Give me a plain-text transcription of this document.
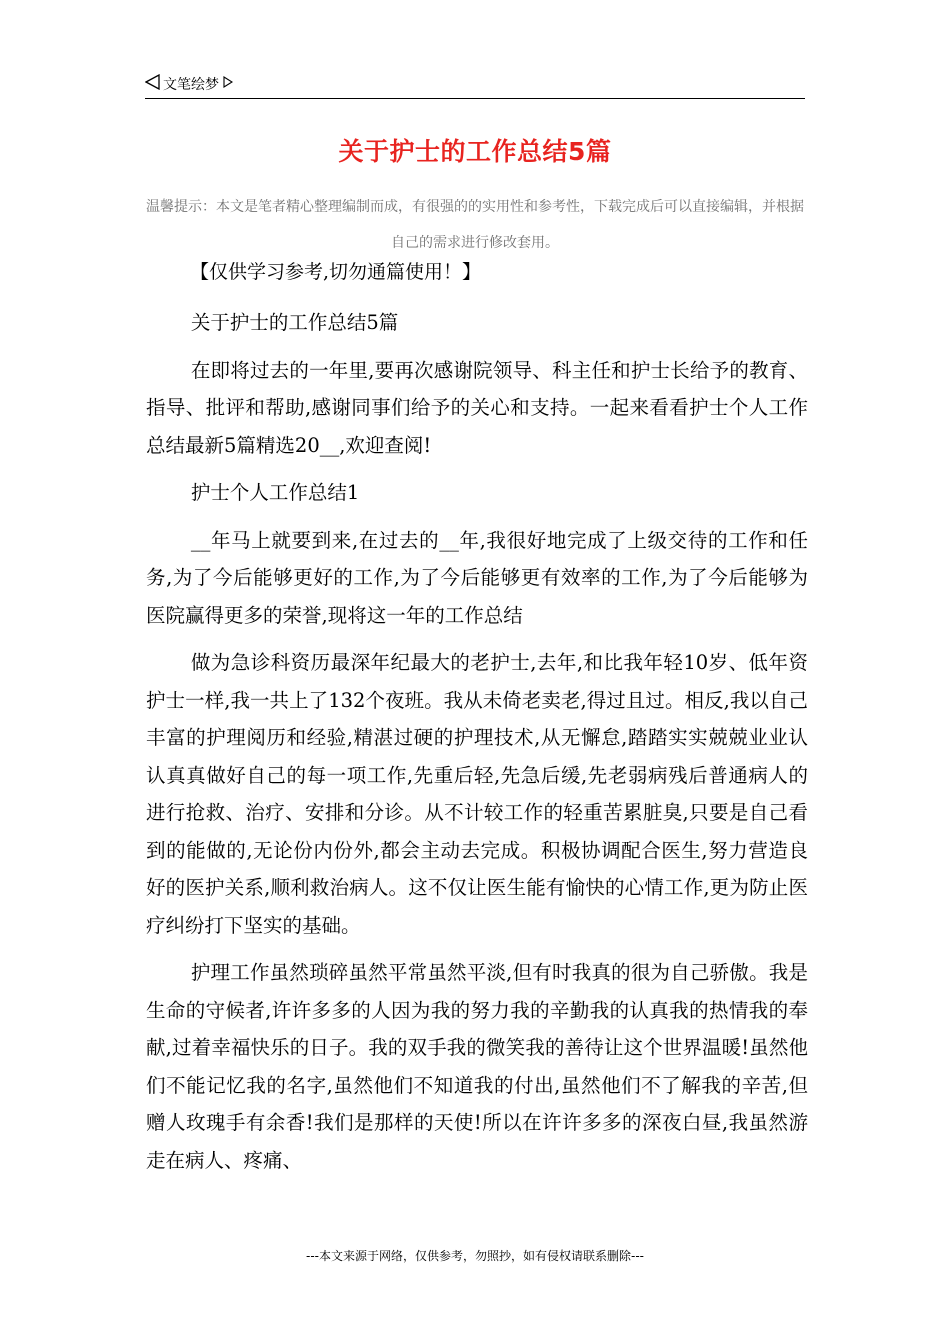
文笔绘梦
关于护士的工作总结5篇
温馨提示：本文是笔者精心整理编制而成，有很强的的实用性和参考性，下载完成后可以直接编辑，并根据自己的需求进行修改套用。
【仅供学习参考,切勿通篇使用！】

关于护士的工作总结5篇

在即将过去的一年里,要再次感谢院领导、科主任和护士长给予的教育、指导、批评和帮助,感谢同事们给予的关心和支持。一起来看看护士个人工作总结最新5篇精选20__,欢迎查阅!

护士个人工作总结1

__年马上就要到来,在过去的__年,我很好地完成了上级交待的工作和任务,为了今后能够更好的工作,为了今后能够更有效率的工作,为了今后能够为医院赢得更多的荣誉,现将这一年的工作总结

做为急诊科资历最深年纪最大的老护士,去年,和比我年轻10岁、低年资护士一样,我一共上了132个夜班。我从未倚老卖老,得过且过。相反,我以自己丰富的护理阅历和经验,精湛过硬的护理技术,从无懈怠,踏踏实实兢兢业业认认真真做好自己的每一项工作,先重后轻,先急后缓,先老弱病残后普通病人的进行抢救、治疗、安排和分诊。从不计较工作的轻重苦累脏臭,只要是自己看到的能做的,无论份内份外,都会主动去完成。积极协调配合医生,努力营造良好的医护关系,顺利救治病人。这不仅让医生能有愉快的心情工作,更为防止医疗纠纷打下坚实的基础。

护理工作虽然琐碎虽然平常虽然平淡,但有时我真的很为自己骄傲。我是生命的守候者,许许多多的人因为我的努力我的辛勤我的认真我的热情我的奉献,过着幸福快乐的日子。我的双手我的微笑我的善待让这个世界温暖!虽然他们不能记忆我的名字,虽然他们不知道我的付出,虽然他们不了解我的辛苦,但赠人玫瑰手有余香!我们是那样的天使!所以在许许多多的深夜白昼,我虽然游走在病人、疼痛、

---本文来源于网络，仅供参考，勿照抄，如有侵权请联系删除---
